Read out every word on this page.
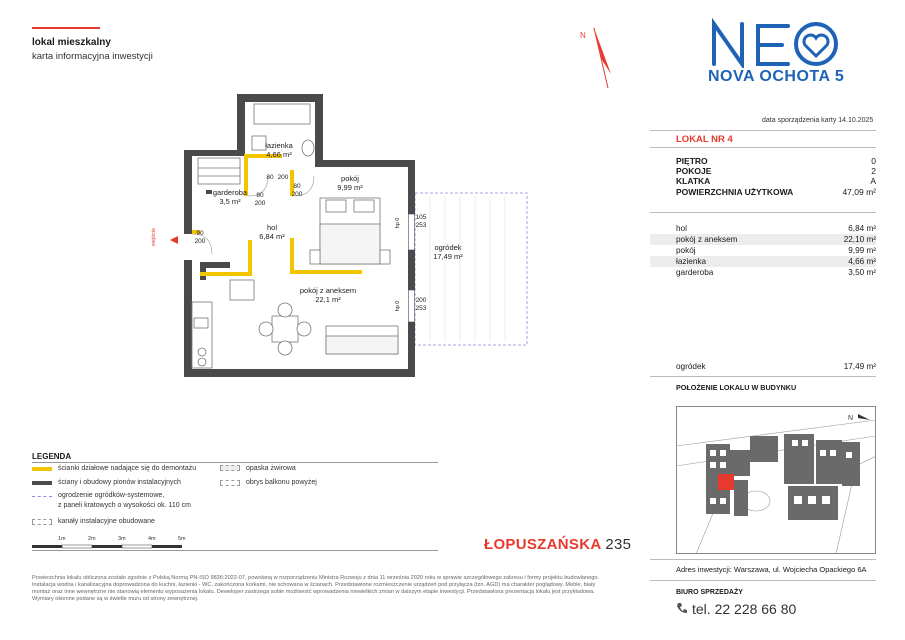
lokal mieszkalny
karta informacyjna inwestycji
N
NOVA OCHOTA 5
data sporządzenia karty 14.10.2025
LOKAL NR 4
PIĘTRO	0
POKOJE	2
KLATKA	A
POWIERZCHNIA UŻYTKOWA	47,09 m²
hol	6,84 m²
pokój z aneksem	22,10 m²
pokój	9,99 m²
łazienka	4,66 m²
garderoba	3,50 m²
ogródek	17,49 m²
POŁOŻENIE LOKALU W BUDYNKU
N
Adres inwestycji: Warszawa, ul. Wojciecha Opackiego 6A
BIURO SPRZEDAŻY
tel. 22 228 66 80
łazienka
4,66 m²
pokój
9,99 m²
garderoba
3,5 m²
hol
6,84 m²
ogródek
17,49 m²
pokój z aneksem
22,1 m²
80 200
80
200
80
200
90
200
105
253
200
253
hp 0
hp 0
wejście
LEGENDA
ścianki działowe nadające się do demontażu
ściany i obudowy pionów instalacyjnych
ogrodzenie ogródków-systemowe,
z paneli kratowych o wysokości ok. 110 cm
kanały instalacyjne obudowane
opaska żwirowa
obrys balkonu powyżej
1m	2m	3m	4m	5m	ŁOPUSZAŃSKA 235
Powierzchnia lokalu obliczona zostało zgodnie z Polską Normą PN-ISO 9836:2022-07, powołaną w rozporządzeniu Ministra Rozwoju z dnia 11 września 2020 roku w sprawie szczegółowego zakresu i formy projektu budowlanego. Instalacja wodna i kanalizacyjna doprowadzona do kuchni, łazienki - WC, zakończona korkami, nie schowana w ścianach. Przedstawione rozmieszczenie urządzeń pod przyłącza (tzn. AGD) ma charakter poglądowy. Meble, biały montaż oraz inne wewnętrzne nie stanowią elementu wyposażenia lokalu. Deweloper zastrzega sobie możliwość wprowadzenia niewielkich zmian w dalszym etapie inwestycji. Przedstawiona prezentacja lokalu jest przykładowa. Wymiary okienne podane są w świetle muru od strony zewnętrznej.
